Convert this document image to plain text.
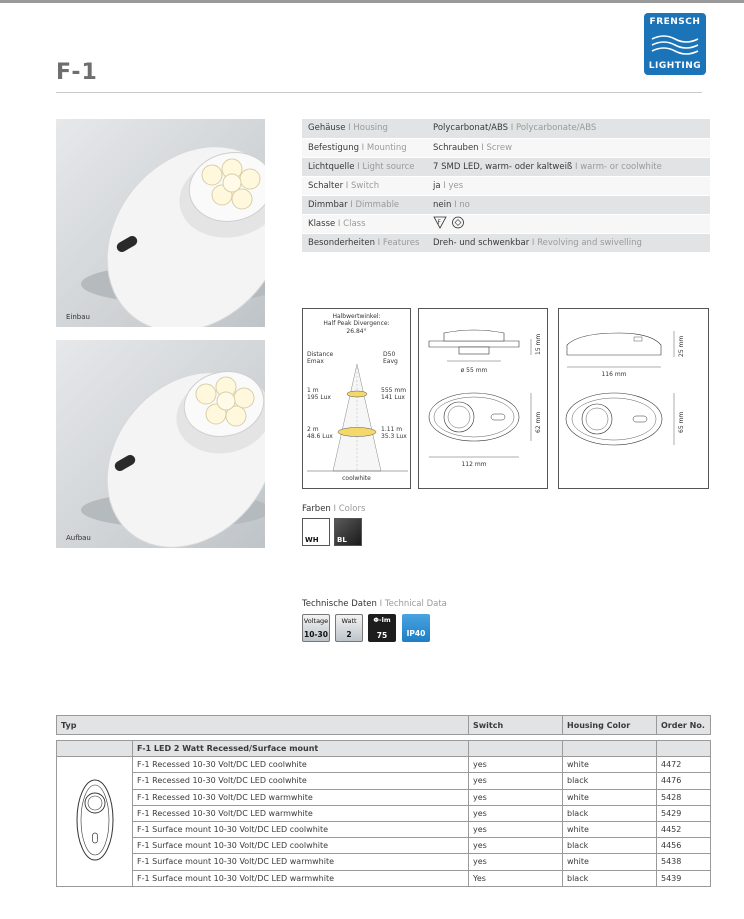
F-1
FRENSCH
LIGHTING
Einbau
Aufbau
Gehäuse I Housing	Polycarbonat/ABS I Polycarbonate/ABS
Befestigung I Mounting	Schrauben I Screw
Lichtquelle I Light source	7 SMD LED, warm- oder kaltweiß I warm- or coolwhite
Schalter I Switch	ja I yes
Dimmbar I Dimmable	nein I no
Klasse I Class	F

Besonderheiten I Features	Dreh- und schwenkbar I Revolving and swivelling
Halbwertwinkel:
Half Peak Divergence:
26.84°
Distance
Emax
D50
Eavg
1 m
195 Lux
555 mm
141 Lux
2 m
48.6 Lux
1.11 m
35.3 Lux
coolwhite
ø 55 mm
15 mm
62 mm
112 mm
25 mm
116 mm
65 mm
Farben I Colors
WH	BL
Technische Daten I Technical Data
Voltage
10-30
Watt
2
Φ-lm
75	IP40
Typ		Switch	Housing Color	Order No.

	F-1 LED 2 Watt Recessed/Surface mount			
	F-1 Recessed 10-30 Volt/DC LED coolwhite	yes	white	4472
	F-1 Recessed 10-30 Volt/DC LED coolwhite	yes	black	4476
	F-1 Recessed 10-30 Volt/DC LED warmwhite	yes	white	5428
	F-1 Recessed 10-30 Volt/DC LED warmwhite	yes	black	5429
	F-1 Surface mount 10-30 Volt/DC LED coolwhite	yes	white	4452
	F-1 Surface mount 10-30 Volt/DC LED coolwhite	yes	black	4456
	F-1 Surface mount 10-30 Volt/DC LED warmwhite	yes	white	5438
	F-1 Surface mount 10-30 Volt/DC LED warmwhite	Yes	black	5439
